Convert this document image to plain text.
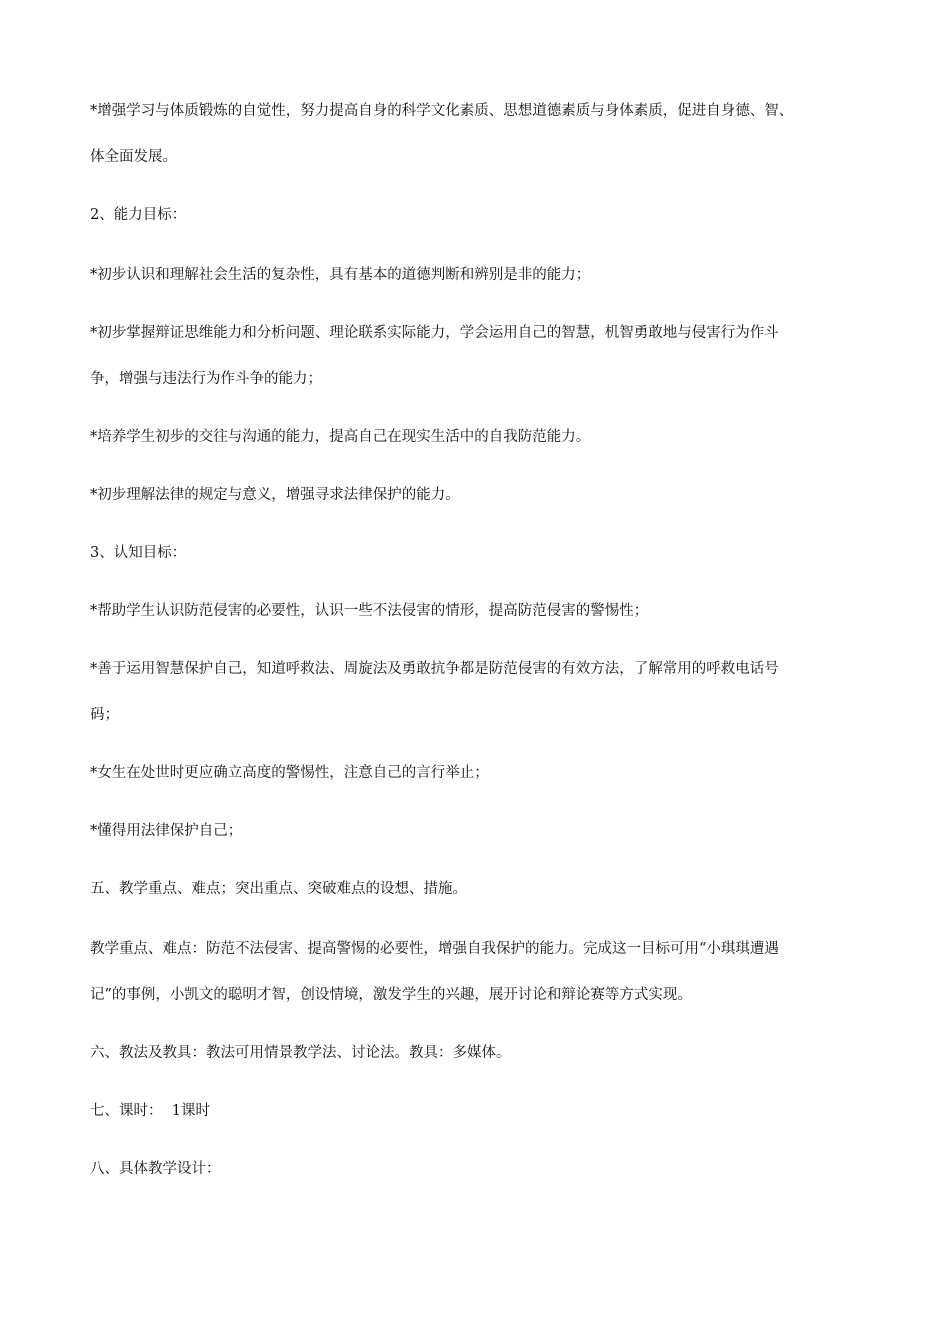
*增强学习与体质锻炼的自觉性，努力提高自身的科学文化素质、思想道德素质与身体素质，促进自身德、智、
体全面发展。

2、能力目标：

*初步认识和理解社会生活的复杂性，具有基本的道德判断和辨别是非的能力；

*初步掌握辩证思维能力和分析问题、理论联系实际能力，学会运用自己的智慧，机智勇敢地与侵害行为作斗
争，增强与违法行为作斗争的能力；

*培养学生初步的交往与沟通的能力，提高自己在现实生活中的自我防范能力。

*初步理解法律的规定与意义，增强寻求法律保护的能力。

3、认知目标：

*帮助学生认识防范侵害的必要性，认识一些不法侵害的情形，提高防范侵害的警惕性；

*善于运用智慧保护自己，知道呼救法、周旋法及勇敢抗争都是防范侵害的有效方法，了解常用的呼救电话号
码；

*女生在处世时更应确立高度的警惕性，注意自己的言行举止；

*懂得用法律保护自己；

五、教学重点、难点；突出重点、突破难点的设想、措施。

教学重点、难点：防范不法侵害、提高警惕的必要性，增强自我保护的能力。完成这一目标可用“小琪琪遭遇
记”的事例，小凯文的聪明才智，创设情境，激发学生的兴趣，展开讨论和辩论赛等方式实现。

六、教法及教具：教法可用情景教学法、讨论法。教具：多媒体。

七、课时：  1课时

八、具体教学设计：
